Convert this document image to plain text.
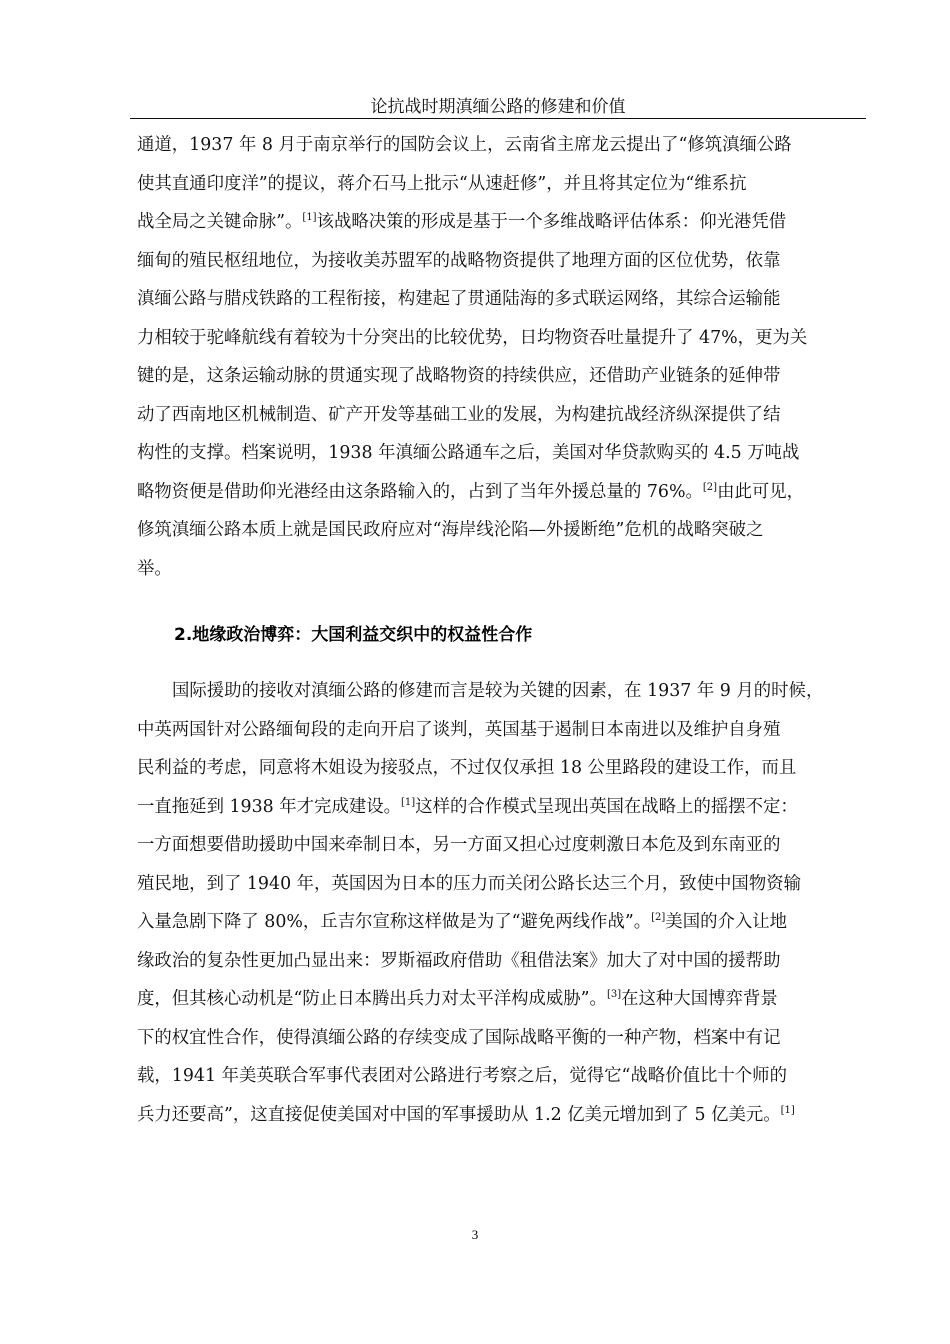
论抗战时期滇缅公路的修建和价值
通道，1937 年 8 月于南京举行的国防会议上，云南省主席龙云提出了“修筑滇缅公路
使其直通印度洋”的提议，蒋介石马上批示“从速赶修”，并且将其定位为“维系抗
战全局之关键命脉”。[1]该战略决策的形成是基于一个多维战略评估体系：仰光港凭借
缅甸的殖民枢纽地位，为接收美苏盟军的战略物资提供了地理方面的区位优势，依靠
滇缅公路与腊戍铁路的工程衔接，构建起了贯通陆海的多式联运网络，其综合运输能
力相较于驼峰航线有着较为十分突出的比较优势，日均物资吞吐量提升了 47%，更为关
键的是，这条运输动脉的贯通实现了战略物资的持续供应，还借助产业链条的延伸带
动了西南地区机械制造、矿产开发等基础工业的发展，为构建抗战经济纵深提供了结
构性的支撑。档案说明，1938 年滇缅公路通车之后，美国对华贷款购买的 4.5 万吨战
略物资便是借助仰光港经由这条路输入的，占到了当年外援总量的 76%。[2]由此可见，
修筑滇缅公路本质上就是国民政府应对“海岸线沦陷—外援断绝”危机的战略突破之
举。
2.地缘政治博弈：大国利益交织中的权益性合作
国际援助的接收对滇缅公路的修建而言是较为关键的因素，在 1937 年 9 月的时候，
中英两国针对公路缅甸段的走向开启了谈判，英国基于遏制日本南进以及维护自身殖
民利益的考虑，同意将木姐设为接驳点，不过仅仅承担 18 公里路段的建设工作，而且
一直拖延到 1938 年才完成建设。[1]这样的合作模式呈现出英国在战略上的摇摆不定：
一方面想要借助援助中国来牵制日本，另一方面又担心过度刺激日本危及到东南亚的
殖民地，到了 1940 年，英国因为日本的压力而关闭公路长达三个月，致使中国物资输
入量急剧下降了 80%，丘吉尔宣称这样做是为了“避免两线作战”。[2]美国的介入让地
缘政治的复杂性更加凸显出来：罗斯福政府借助《租借法案》加大了对中国的援帮助
度，但其核心动机是“防止日本腾出兵力对太平洋构成威胁”。[3]在这种大国博弈背景
下的权宜性合作，使得滇缅公路的存续变成了国际战略平衡的一种产物，档案中有记
载，1941 年美英联合军事代表团对公路进行考察之后，觉得它“战略价值比十个师的
兵力还要高”，这直接促使美国对中国的军事援助从 1.2 亿美元增加到了 5 亿美元。[1]
3
